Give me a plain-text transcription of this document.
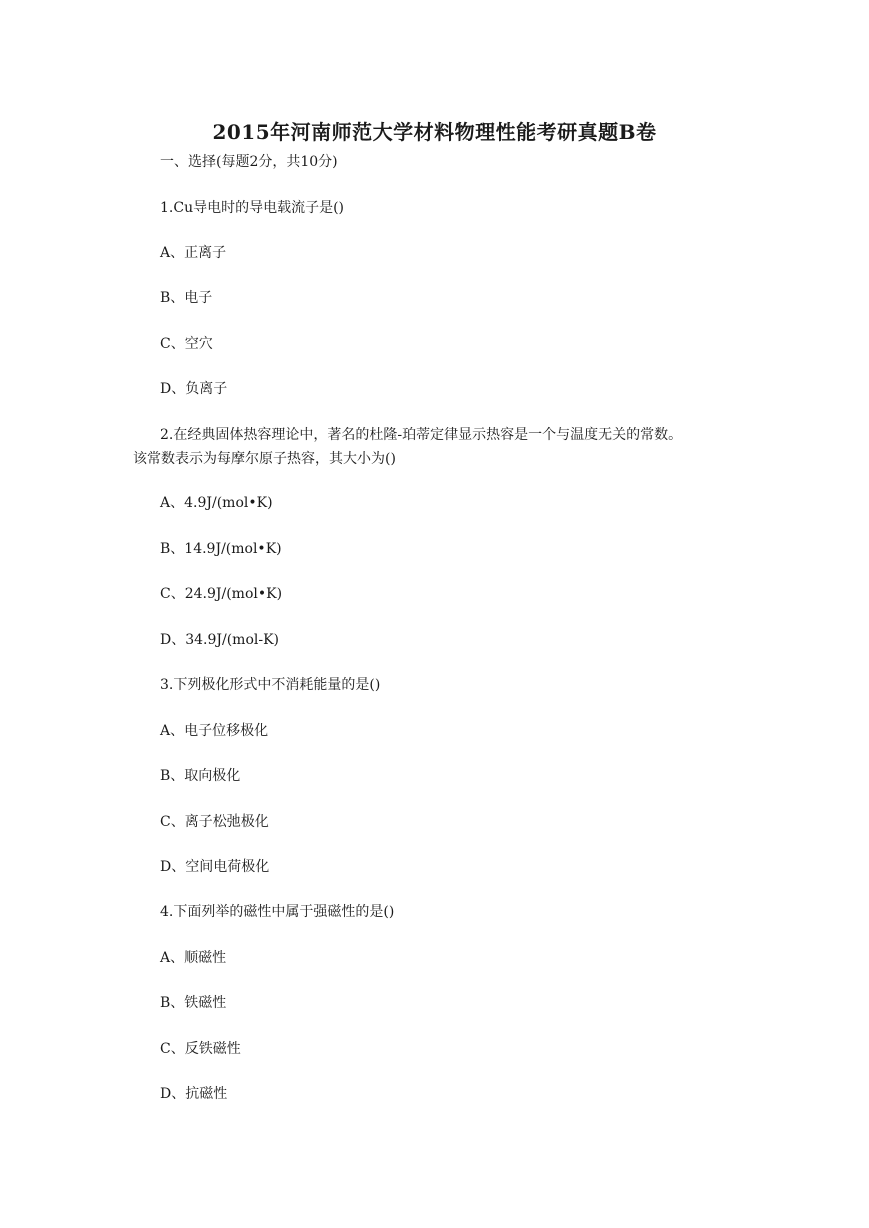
2015年河南师范大学材料物理性能考研真题B卷
一、选择(每题2分，共10分)
1.Cu导电时的导电载流子是()
A、正离子
B、电子
C、空穴
D、负离子
2.在经典固体热容理论中，著名的杜隆-珀蒂定律显示热容是一个与温度无关的常数。
该常数表示为每摩尔原子热容，其大小为()
A、4.9J/(mol•K)
B、14.9J/(mol•K)
C、24.9J/(mol•K)
D、34.9J/(mol-K)
3.下列极化形式中不消耗能量的是()
A、电子位移极化
B、取向极化
C、离子松弛极化
D、空间电荷极化
4.下面列举的磁性中属于强磁性的是()
A、顺磁性
B、铁磁性
C、反铁磁性
D、抗磁性
